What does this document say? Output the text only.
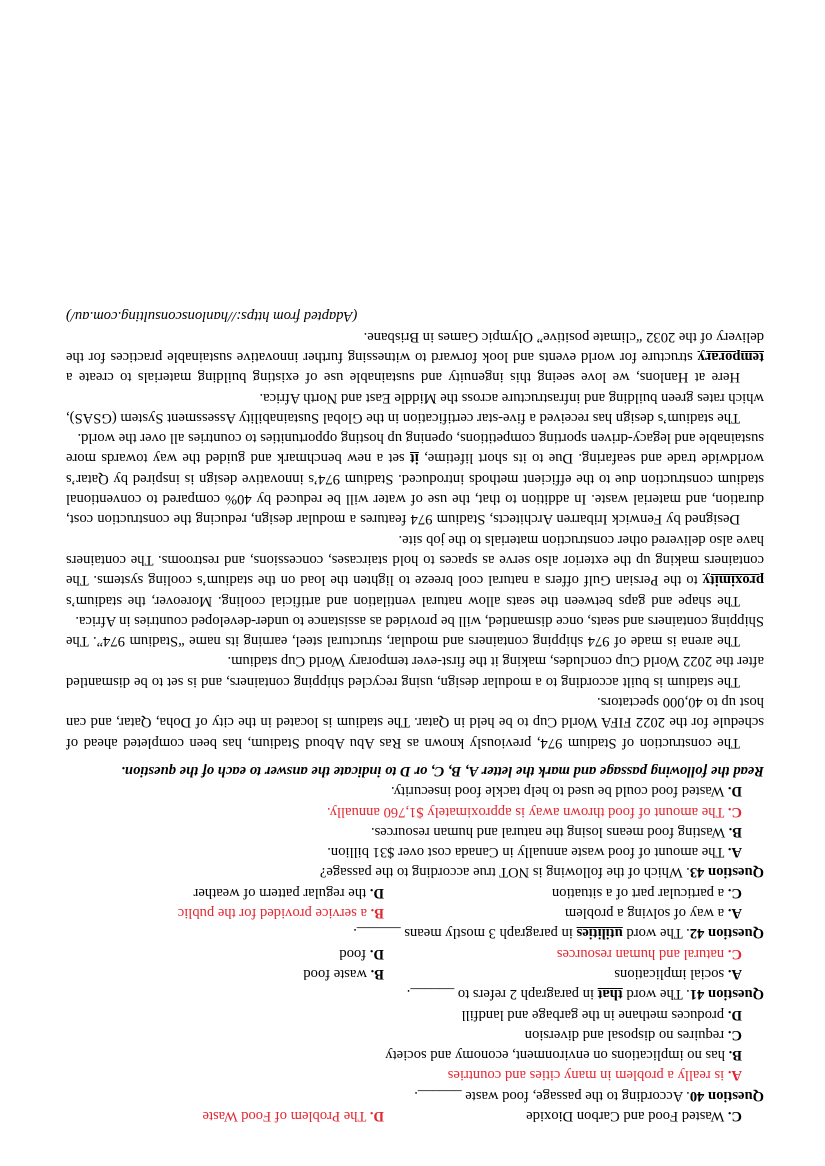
C. Wasted Food and Carbon Dioxide
D. The Problem of Food Waste

Question 40. According to the passage, food waste ______.

A. is really a problem in many cities and countries

B. has no implications on environment, economy and society

C. requires no disposal and diversion

D. produces methane in the garbage and landfill

Question 41. The word that in paragraph 2 refers to ______.

A. social implications
B. waste food
C. natural and human resources
D. food

Question 42. The word utilities in paragraph 3 mostly means ______.

A. a way of solving a problem
B. a service provided for the public
C. a particular part of a situation
D. the regular pattern of weather

Question 43. Which of the following is NOT true according to the passage?

A. The amount of food waste annually in Canada cost over $31 billion.

B. Wasting food means losing the natural and human resources.

C. The amount of food thrown away is approximately $1,760 annually.

D. Wasted food could be used to help tackle food insecurity.

Read the following passage and mark the letter A, B, C, or D to indicate the answer to each of the question.

The construction of Stadium 974, previously known as Ras Abu Aboud Stadium, has been completed ahead of schedule for the 2022 FIFA World Cup to be held in Qatar. The stadium is located in the city of Doha, Qatar, and can host up to 40,000 spectators.

The stadium is built according to a modular design, using recycled shipping containers, and is set to be dismantled after the 2022 World Cup concludes, making it the first-ever temporary World Cup stadium.

The arena is made of 974 shipping containers and modular, structural steel, earning its name “Stadium 974”. The Shipping containers and seats, once dismantled, will be provided as assistance to under-developed countries in Africa.

The shape and gaps between the seats allow natural ventilation and artificial cooling. Moreover, the stadium’s proximity to the Persian Gulf offers a natural cool breeze to lighten the load on the stadium’s cooling systems. The containers making up the exterior also serve as spaces to hold staircases, concessions, and restrooms. The containers have also delivered other construction materials to the job site.

Designed by Fenwick Iribarren Architects, Stadium 974 features a modular design, reducing the construction cost, duration, and material waste. In addition to that, the use of water will be reduced by 40% compared to conventional stadium construction due to the efficient methods introduced. Stadium 974’s innovative design is inspired by Qatar’s worldwide trade and seafaring. Due to its short lifetime, it set a new benchmark and guided the way towards more sustainable and legacy-driven sporting competitions, opening up hosting opportunities to countries all over the world.

The stadium’s design has received a five-star certification in the Global Sustainability Assessment System (GSAS), which rates green building and infrastructure across the Middle East and North Africa.

Here at Hanlons, we love seeing this ingenuity and sustainable use of existing building materials to create a temporary structure for world events and look forward to witnessing further innovative sustainable practices for the delivery of the 2032 “climate positive” Olympic Games in Brisbane.

(Adapted from https://hanlonsconsulting.com.au/)
